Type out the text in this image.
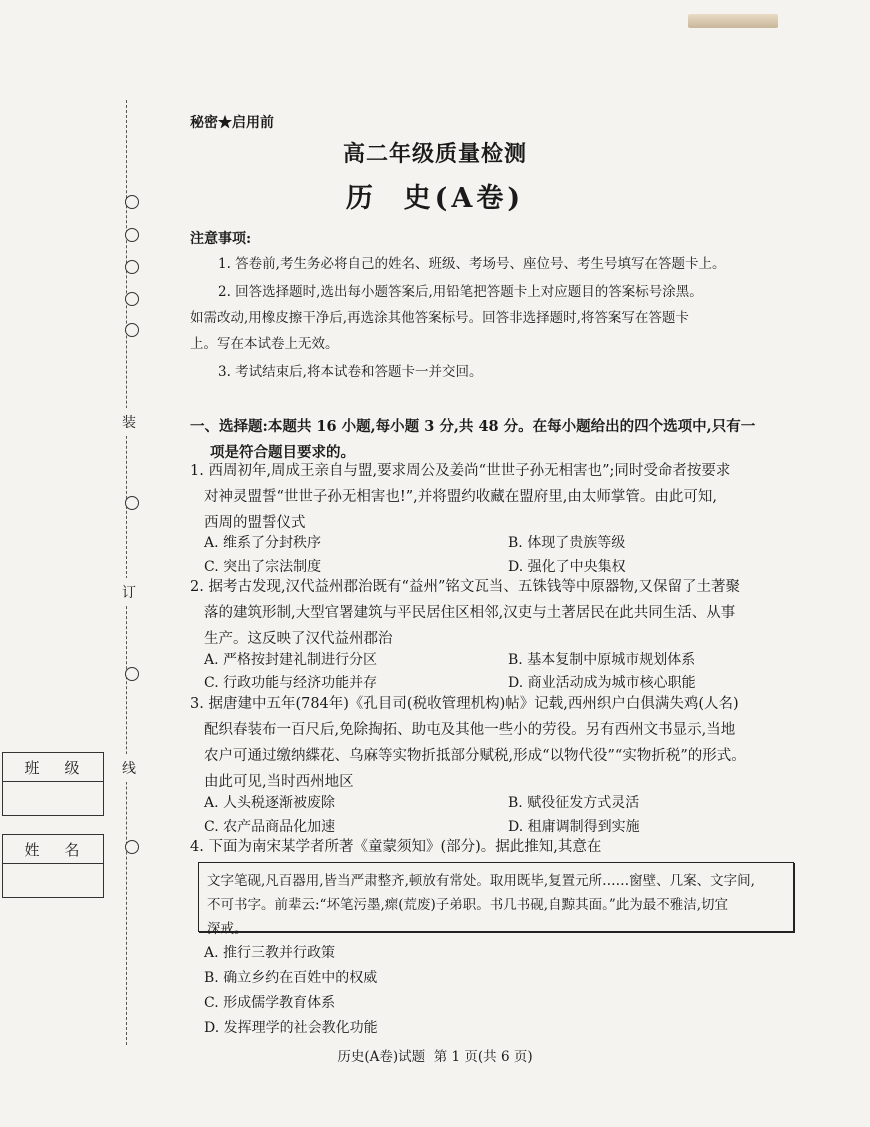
装
订
线
班 级
姓 名
秘密★启用前
高二年级质量检测
历  史(A卷)
注意事项:
1. 答卷前,考生务必将自己的姓名、班级、考场号、座位号、考生号填写在答题卡上。
2. 回答选择题时,选出每小题答案后,用铅笔把答题卡上对应题目的答案标号涂黑。
如需改动,用橡皮擦干净后,再选涂其他答案标号。回答非选择题时,将答案写在答题卡
上。写在本试卷上无效。
3. 考试结束后,将本试卷和答题卡一并交回。
一、选择题:本题共 16 小题,每小题 3 分,共 48 分。在每小题给出的四个选项中,只有一
项是符合题目要求的。
1. 西周初年,周成王亲自与盟,要求周公及姜尚“世世子孙无相害也”;同时受命者按要求
对神灵盟誓“世世子孙无相害也!”,并将盟约收藏在盟府里,由太师掌管。由此可知,
西周的盟誓仪式
A. 维系了分封秩序	B. 体现了贵族等级
C. 突出了宗法制度	D. 强化了中央集权
2. 据考古发现,汉代益州郡治既有“益州”铭文瓦当、五铢钱等中原器物,又保留了土著聚
落的建筑形制,大型官署建筑与平民居住区相邻,汉吏与土著居民在此共同生活、从事
生产。这反映了汉代益州郡治
A. 严格按封建礼制进行分区	B. 基本复制中原城市规划体系
C. 行政功能与经济功能并存	D. 商业活动成为城市核心职能
3. 据唐建中五年(784年)《孔目司(税收管理机构)帖》记载,西州织户白俱满失鸡(人名)
配织春装布一百尺后,免除掏拓、助屯及其他一些小的劳役。另有西州文书显示,当地
农户可通过缴纳緤花、乌麻等实物折抵部分赋税,形成“以物代役”“实物折税”的形式。
由此可见,当时西州地区
A. 人头税逐渐被废除	B. 赋役征发方式灵活
C. 农产品商品化加速	D. 租庸调制得到实施
4. 下面为南宋某学者所著《童蒙须知》(部分)。据此推知,其意在
文字笔砚,凡百器用,皆当严肃整齐,顿放有常处。取用既毕,复置元所……窗壁、几案、文字间,
不可书字。前辈云:“坏笔污墨,瘝(荒废)子弟职。书几书砚,自黥其面。”此为最不雅洁,切宜
深戒。
A. 推行三教并行政策
B. 确立乡约在百姓中的权威
C. 形成儒学教育体系
D. 发挥理学的社会教化功能
历史(A卷)试题  第 1 页(共 6 页)
